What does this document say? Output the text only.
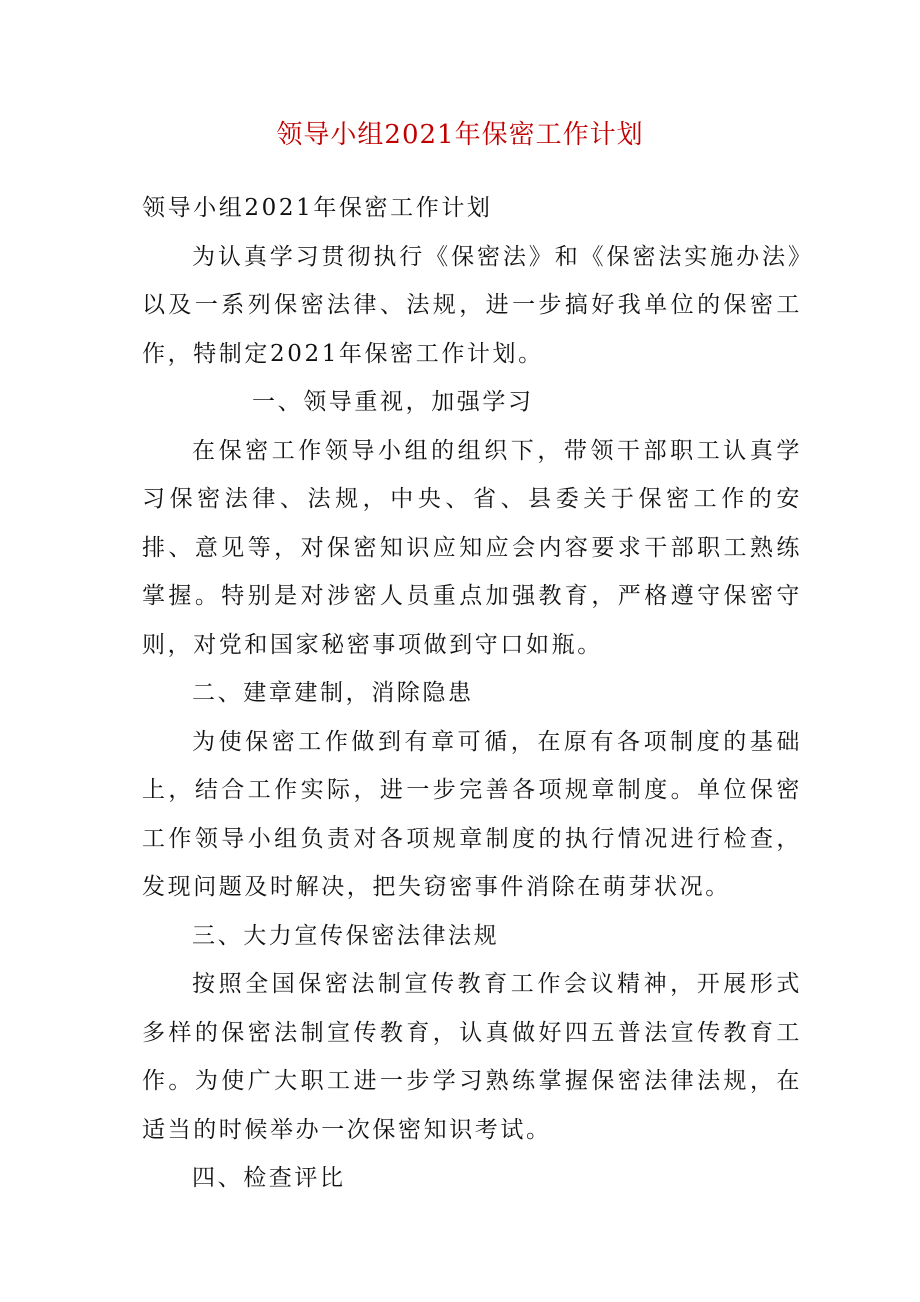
领导小组2021年保密工作计划

领导小组2021年保密工作计划

为认真学习贯彻执行《保密法》和《保密法实施办法》以及一系列保密法律、法规，进一步搞好我单位的保密工作，特制定2021年保密工作计划。

一、领导重视，加强学习

在保密工作领导小组的组织下，带领干部职工认真学习保密法律、法规，中央、省、县委关于保密工作的安排、意见等，对保密知识应知应会内容要求干部职工熟练掌握。特别是对涉密人员重点加强教育，严格遵守保密守则，对党和国家秘密事项做到守口如瓶。

二、建章建制，消除隐患

为使保密工作做到有章可循，在原有各项制度的基础上，结合工作实际，进一步完善各项规章制度。单位保密工作领导小组负责对各项规章制度的执行情况进行检查，发现问题及时解决，把失窃密事件消除在萌芽状况。

三、大力宣传保密法律法规

按照全国保密法制宣传教育工作会议精神，开展形式多样的保密法制宣传教育，认真做好四五普法宣传教育工作。为使广大职工进一步学习熟练掌握保密法律法规，在适当的时候举办一次保密知识考试。

四、检查评比
